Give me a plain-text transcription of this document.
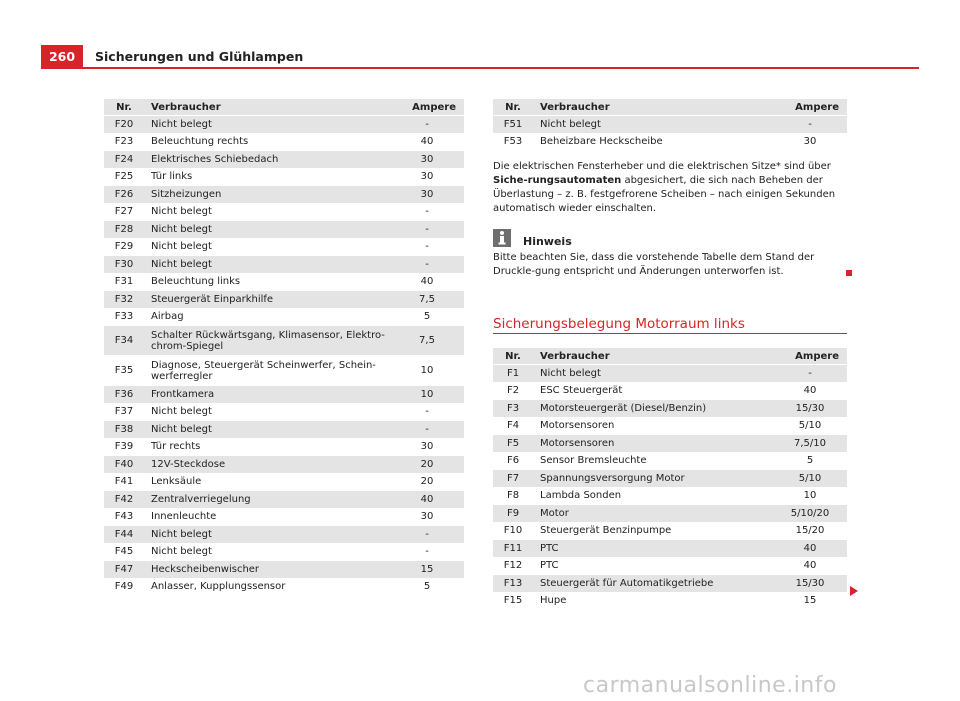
260	Sicherungen und Glühlampen
Nr.	Verbraucher	Ampere
F20	Nicht belegt	-
F23	Beleuchtung rechts	40
F24	Elektrisches Schiebedach	30
F25	Tür links	30
F26	Sitzheizungen	30
F27	Nicht belegt	-
F28	Nicht belegt	-
F29	Nicht belegt	-
F30	Nicht belegt	-
F31	Beleuchtung links	40
F32	Steuergerät Einparkhilfe	7,5
F33	Airbag	5
F34	Schalter Rückwärtsgang, Klimasensor, Elektro-chrom-Spiegel	7,5
F35	Diagnose, Steuergerät Scheinwerfer, Schein-werferregler	10
F36	Frontkamera	10
F37	Nicht belegt	-
F38	Nicht belegt	-
F39	Tür rechts	30
F40	12V-Steckdose	20
F41	Lenksäule	20
F42	Zentralverriegelung	40
F43	Innenleuchte	30
F44	Nicht belegt	-
F45	Nicht belegt	-
F47	Heckscheibenwischer	15
F49	Anlasser, Kupplungssensor	5
Nr.	Verbraucher	Ampere
F51	Nicht belegt	-
F53	Beheizbare Heckscheibe	30
Die elektrischen Fensterheber und die elektrischen Sitze* sind über Siche-rungsautomaten abgesichert, die sich nach Beheben der Überlastung – z. B. festgefrorene Scheiben – nach einigen Sekunden automatisch wieder einschalten.
Hinweis
Bitte beachten Sie, dass die vorstehende Tabelle dem Stand der Druckle-gung entspricht und Änderungen unterworfen ist.
Sicherungsbelegung Motorraum links
Nr.	Verbraucher	Ampere
F1	Nicht belegt	-
F2	ESC Steuergerät	40
F3	Motorsteuergerät (Diesel/Benzin)	15/30
F4	Motorsensoren	5/10
F5	Motorsensoren	7,5/10
F6	Sensor Bremsleuchte	5
F7	Spannungsversorgung Motor	5/10
F8	Lambda Sonden	10
F9	Motor	5/10/20
F10	Steuergerät Benzinpumpe	15/20
F11	PTC	40
F12	PTC	40
F13	Steuergerät für Automatikgetriebe	15/30
F15	Hupe	15
carmanualsonline.info
